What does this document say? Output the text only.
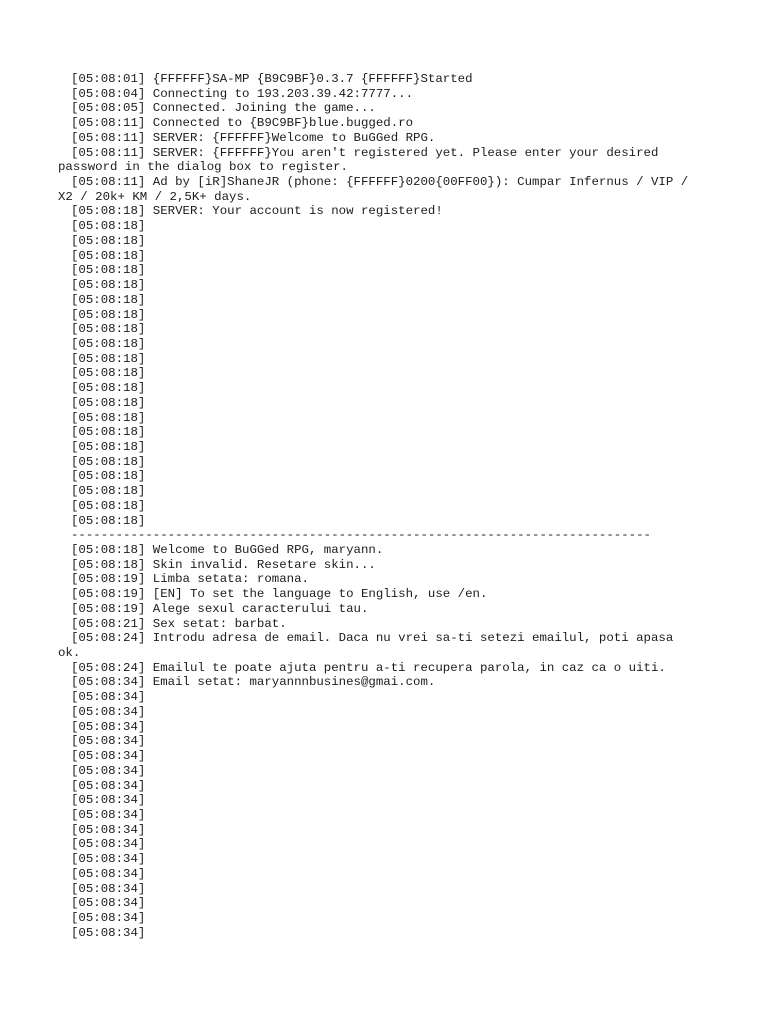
[05:08:01] {FFFFFF}SA-MP {B9C9BF}0.3.7 {FFFFFF}Started
[05:08:04] Connecting to 193.203.39.42:7777...
[05:08:05] Connected. Joining the game...
[05:08:11] Connected to {B9C9BF}blue.bugged.ro
[05:08:11] SERVER: {FFFFFF}Welcome to BuGGed RPG.
[05:08:11] SERVER: {FFFFFF}You aren't registered yet. Please enter your desired
password in the dialog box to register.
[05:08:11] Ad by [iR]ShaneJR (phone: {FFFFFF}0200{00FF00}): Cumpar Infernus / VIP /
X2 / 20k+ KM / 2,5K+ days.
[05:08:18] SERVER: Your account is now registered!
[05:08:18]
[05:08:18]
[05:08:18]
[05:08:18]
[05:08:18]
[05:08:18]
[05:08:18]
[05:08:18]
[05:08:18]
[05:08:18]
[05:08:18]
[05:08:18]
[05:08:18]
[05:08:18]
[05:08:18]
[05:08:18]
[05:08:18]
[05:08:18]
[05:08:18]
[05:08:18]
[05:08:18]
------------------------------------------------------------------------------
[05:08:18] Welcome to BuGGed RPG, maryann.
[05:08:18] Skin invalid. Resetare skin...
[05:08:19] Limba setata: romana.
[05:08:19] [EN] To set the language to English, use /en.
[05:08:19] Alege sexul caracterului tau.
[05:08:21] Sex setat: barbat.
[05:08:24] Introdu adresa de email. Daca nu vrei sa-ti setezi emailul, poti apasa
ok.
[05:08:24] Emailul te poate ajuta pentru a-ti recupera parola, in caz ca o uiti.
[05:08:34] Email setat: maryannnbusines@gmai.com.
[05:08:34]
[05:08:34]
[05:08:34]
[05:08:34]
[05:08:34]
[05:08:34]
[05:08:34]
[05:08:34]
[05:08:34]
[05:08:34]
[05:08:34]
[05:08:34]
[05:08:34]
[05:08:34]
[05:08:34]
[05:08:34]
[05:08:34]
